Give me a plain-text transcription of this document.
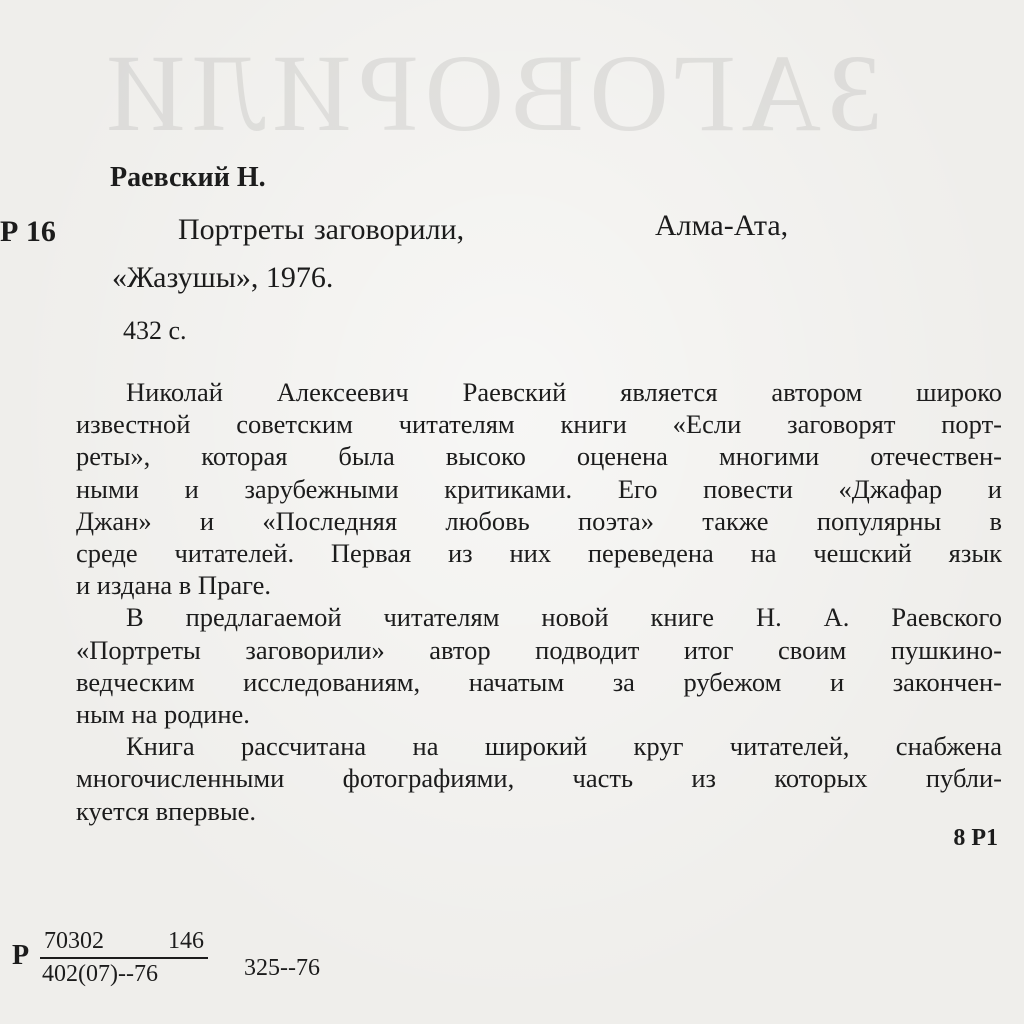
ЗАГОВОРИЛИ
Раевский Н.
Р 16	Портреты заговорили,	Алма-Ата,
«Жазушы», 1976.
432 с.

Николай Алексеевич Раевский является автором широко
известной советским читателям книги «Если заговорят порт-
реты», которая была высоко оценена многими отечествен-
ными и зарубежными критиками. Его повести «Джафар и
Джан» и «Последняя любовь поэта» также популярны в
среде читателей. Первая из них переведена на чешский язык
и издана в Праге.

В предлагаемой читателям новой книге Н. А. Раевского
«Портреты заговорили» автор подводит итог своим пушкино-
ведческим исследованиям, начатым за рубежом и закончен-
ным на родине.

Книга рассчитана на широкий круг читателей, снабжена
многочисленными фотографиями, часть из которых публи-
куется впервые.

8 Р1
Р 70302	146
402(07)--76 325--76
